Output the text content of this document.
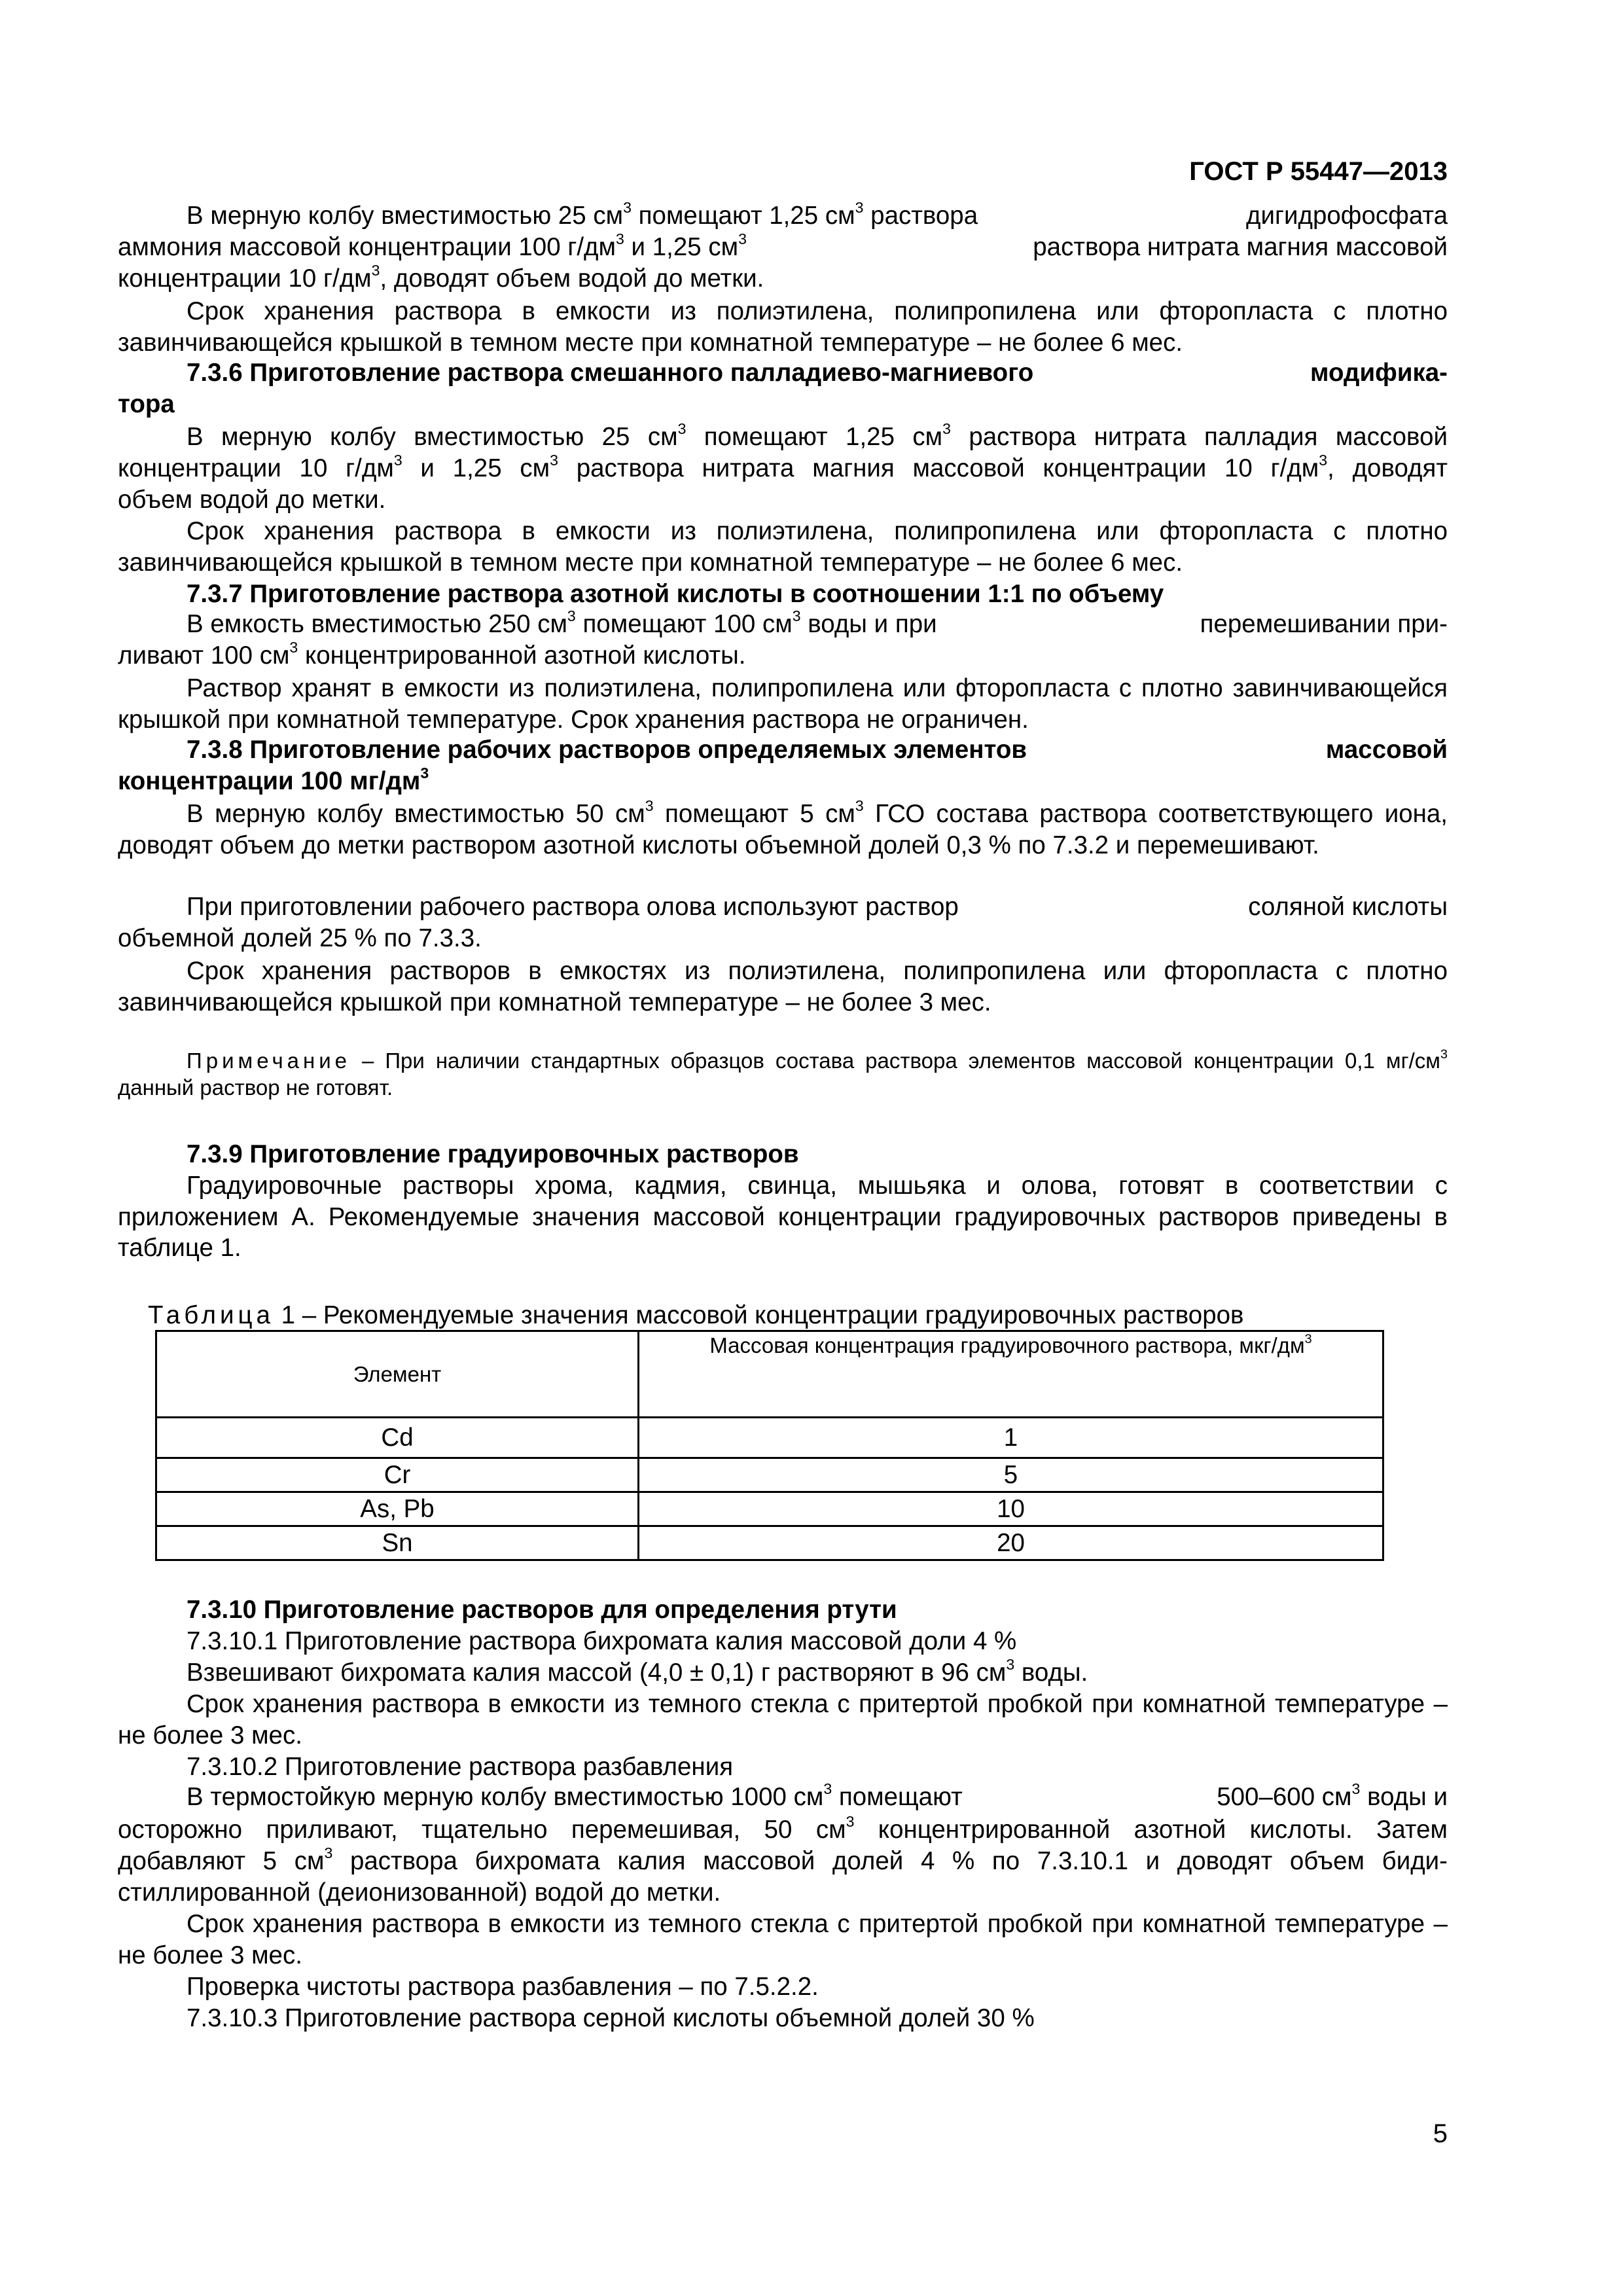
ГОСТ Р 55447—2013
В мерную колбу вместимостью 25 $см^3$ помещают 1,25 $см^3$ раствора	дигидрофосфата
аммония массовой концентрации 100 $г/дм^3$ и 1,25 $см^3$	раствора нитрата магния массовой
концентрации 10 $г/дм^3$, доводят объем водой до метки.
Срок хранения раствора в емкости из полиэтилена, полипропилена или фторопласта с плотно завинчивающейся крышкой в темном месте при комнатной температуре – не более 6 мес.
7.3.6 Приготовление раствора смешанного палладиево-магниевого	модифика-
тора
В мерную колбу вместимостью 25 $см^3$ помещают 1,25 $см^3$ раствора нитрата палладия массовой
концентрации 10 $г/дм^3$ и 1,25 $см^3$ раствора нитрата магния массовой концентрации 10 $г/дм^3$, доводят
объем водой до метки.
Срок хранения раствора в емкости из полиэтилена, полипропилена или фторопласта с плотно завинчивающейся крышкой в темном месте при комнатной температуре – не более 6 мес.
7.3.7 Приготовление раствора азотной кислоты в соотношении 1:1 по объему
В емкость вместимостью 250 $см^3$ помещают 100 $см^3$ воды и при	перемешивании при-
ливают 100 $см^3$ концентрированной азотной кислоты.
Раствор хранят в емкости из полиэтилена, полипропилена или фторопласта с плотно завинчивающейся крышкой при комнатной температуре. Срок хранения раствора не ограничен.
7.3.8 Приготовление рабочих растворов определяемых элементов	массовой
концентрации 100 $мг/дм^3$
В мерную колбу вместимостью 50 $см^3$ помещают 5 $см^3$ ГСО состава раствора соответствующего иона, доводят объем до метки раствором азотной кислоты объемной долей 0,3 % по 7.3.2 и перемешивают.
При приготовлении рабочего раствора олова используют раствор	соляной кислоты
объемной долей 25 % по 7.3.3.
Срок хранения растворов в емкостях из полиэтилена, полипропилена или фторопласта с плотно завинчивающейся крышкой при комнатной температуре – не более 3 мес.
Примечание – При наличии стандартных образцов состава раствора элементов массовой концентрации 0,1 $мг/см^3$ данный раствор не готовят.
7.3.9 Приготовление градуировочных растворов
Градуировочные растворы хрома, кадмия, свинца, мышьяка и олова, готовят в соответствии с приложением А. Рекомендуемые значения массовой концентрации градуировочных растворов приведены в таблице 1.
Таблица 1 – Рекомендуемые значения массовой концентрации градуировочных растворов
Элемент	Массовая концентрация градуировочного раствора, мкг/$дм^3$
Cd	1
Cr	5
As, Pb	10
Sn	20
7.3.10 Приготовление растворов для определения ртути
7.3.10.1 Приготовление раствора бихромата калия массовой доли 4 %
Взвешивают бихромата калия массой (4,0 ± 0,1) г растворяют в 96 $см^3$ воды.
Срок хранения раствора в емкости из темного стекла с притертой пробкой при комнатной температуре – не более 3 мес.
7.3.10.2 Приготовление раствора разбавления
В термостойкую мерную колбу вместимостью 1000 $см^3$ помещают	500–600 $см^3$ воды и
осторожно приливают, тщательно перемешивая, 50 $см^3$ концентрированной азотной кислоты. Затем
добавляют 5 $см^3$ раствора бихромата калия массовой долей 4 % по 7.3.10.1 и доводят объем биди-
стиллированной (деионизованной) водой до метки.
Срок хранения раствора в емкости из темного стекла с притертой пробкой при комнатной температуре – не более 3 мес.
Проверка чистоты раствора разбавления – по 7.5.2.2.
7.3.10.3 Приготовление раствора серной кислоты объемной долей 30 %
5
